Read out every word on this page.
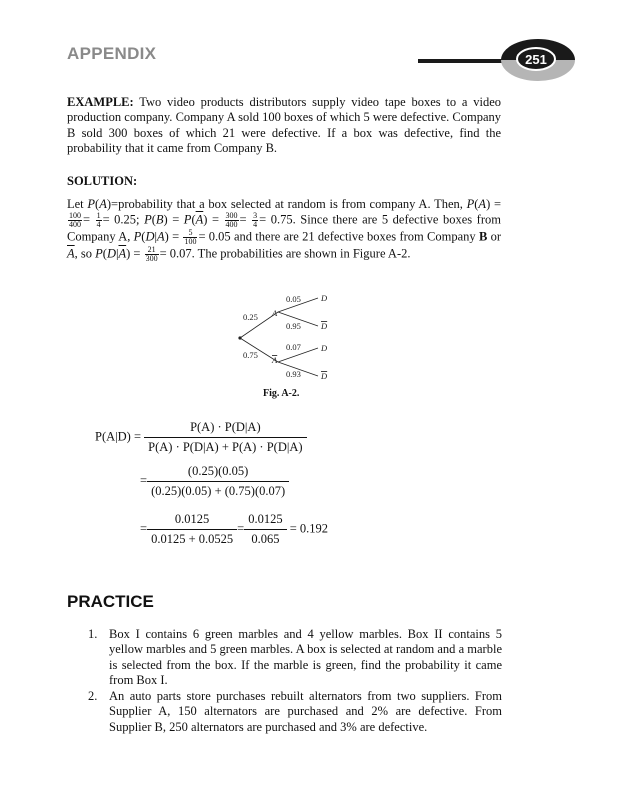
APPENDIX	251
EXAMPLE: Two video products distributors supply video tape boxes to a video production company. Company A sold 100 boxes of which 5 were defective. Company B sold 300 boxes of which 21 were defective. If a box was defective, find the probability that it came from Company B.
SOLUTION:
Let P(A)=probability that a box selected at random is from company A. Then, P(A) =
$\frac{100}{400} = \frac{1}{4} = 0.25$; $P(B) = P(\overline{A}) = \frac{300}{400} = \frac{3}{4} = 0.75$. Since there are 5 defective boxes from Company A, $P(D|A) = \frac{5}{100} = 0.05$ and there are 21 defective boxes from Company B or $\overline{A}$, so $P(D|\overline{A}) = \frac{21}{300} = 0.07$. The probabilities are shown in Figure A-2.
0.25
0.75
A
A
0.05
0.95
0.07
0.93
D
D
D
D
Fig. A-2.
$P(A|D) = \frac{P(A) \cdot P(D|A)}{P(A) \cdot P(D|A) + P(A) \cdot P(D|A)}$
= $\frac{(0.25)(0.05)}{(0.25)(0.05) + (0.75)(0.07)}$
= $\frac{0.0125}{0.0125 + 0.0525} = \frac{0.0125}{0.065} = 0.192$
PRACTICE
1. Box I contains 6 green marbles and 4 yellow marbles. Box II contains 5 yellow marbles and 5 green marbles. A box is selected at random and a marble is selected from the box. If the marble is green, find the probability it came from Box I.
2. An auto parts store purchases rebuilt alternators from two suppliers. From Supplier A, 150 alternators are purchased and 2% are defective. From Supplier B, 250 alternators are purchased and 3% are defective.
